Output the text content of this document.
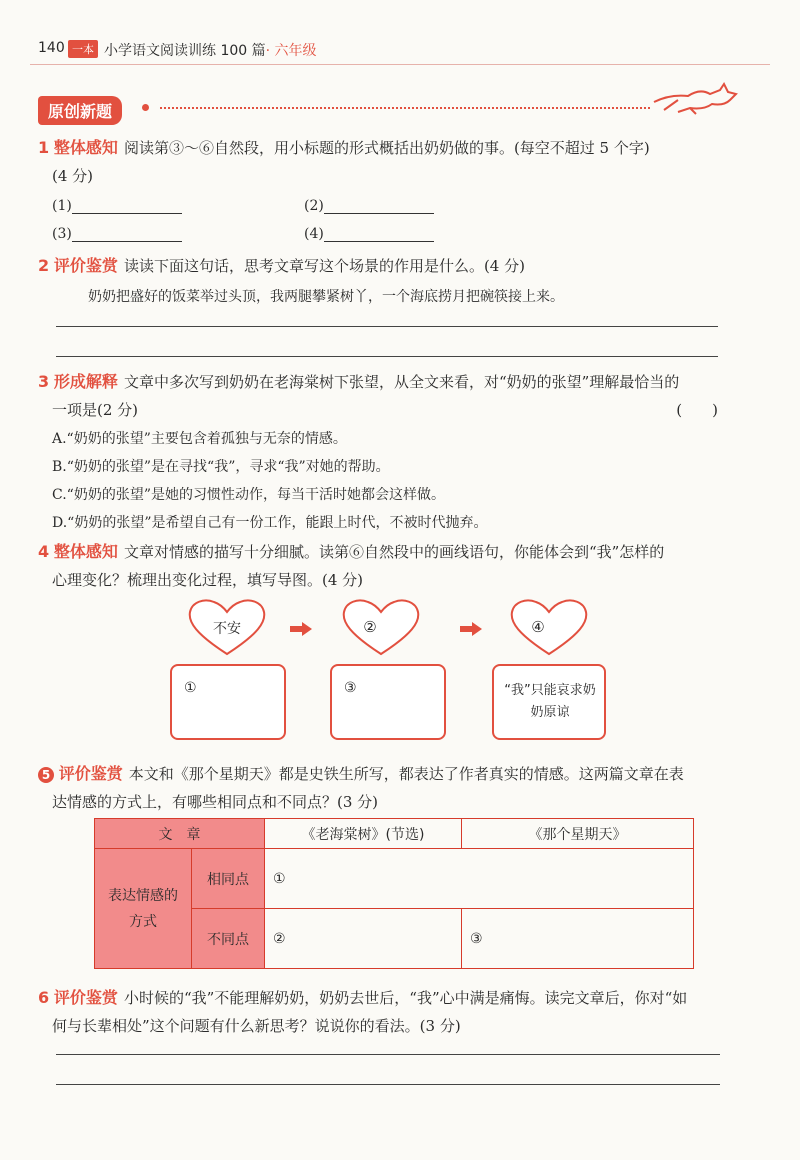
140 一本 小学语文阅读训练 100 篇· 六年级
原创新题
1 整体感知 阅读第③～⑥自然段，用小标题的形式概括出奶奶做的事。(每空不超过 5 个字)
(4 分)
(1)	(2)
(3)	(4)
2 评价鉴赏 读读下面这句话，思考文章写这个场景的作用是什么。(4 分)
奶奶把盛好的饭菜举过头顶，我两腿攀紧树丫，一个海底捞月把碗筷接上来。
3 形成解释 文章中多次写到奶奶在老海棠树下张望，从全文来看，对“奶奶的张望”理解最恰当的
一项是(2 分)	(　　)
A.“奶奶的张望”主要包含着孤独与无奈的情感。
B.“奶奶的张望”是在寻找“我”，寻求“我”对她的帮助。
C.“奶奶的张望”是她的习惯性动作，每当干活时她都会这样做。
D.“奶奶的张望”是希望自己有一份工作，能跟上时代，不被时代抛弃。
4 整体感知 文章对情感的描写十分细腻。读第⑥自然段中的画线语句，你能体会到“我”怎样的
心理变化？梳理出变化过程，填写导图。(4 分)
不安	②	④
①	③	“我”只能哀求奶奶原谅
5 评价鉴赏 本文和《那个星期天》都是史铁生所写，都表达了作者真实的情感。这两篇文章在表
达情感的方式上，有哪些相同点和不同点？(3 分)
文　章		《老海棠树》(节选)	《那个星期天》
表达情感的方式	相同点	①	
	不同点	②	③
6 评价鉴赏 小时候的“我”不能理解奶奶，奶奶去世后，“我”心中满是痛悔。读完文章后，你对“如
何与长辈相处”这个问题有什么新思考？说说你的看法。(3 分)
